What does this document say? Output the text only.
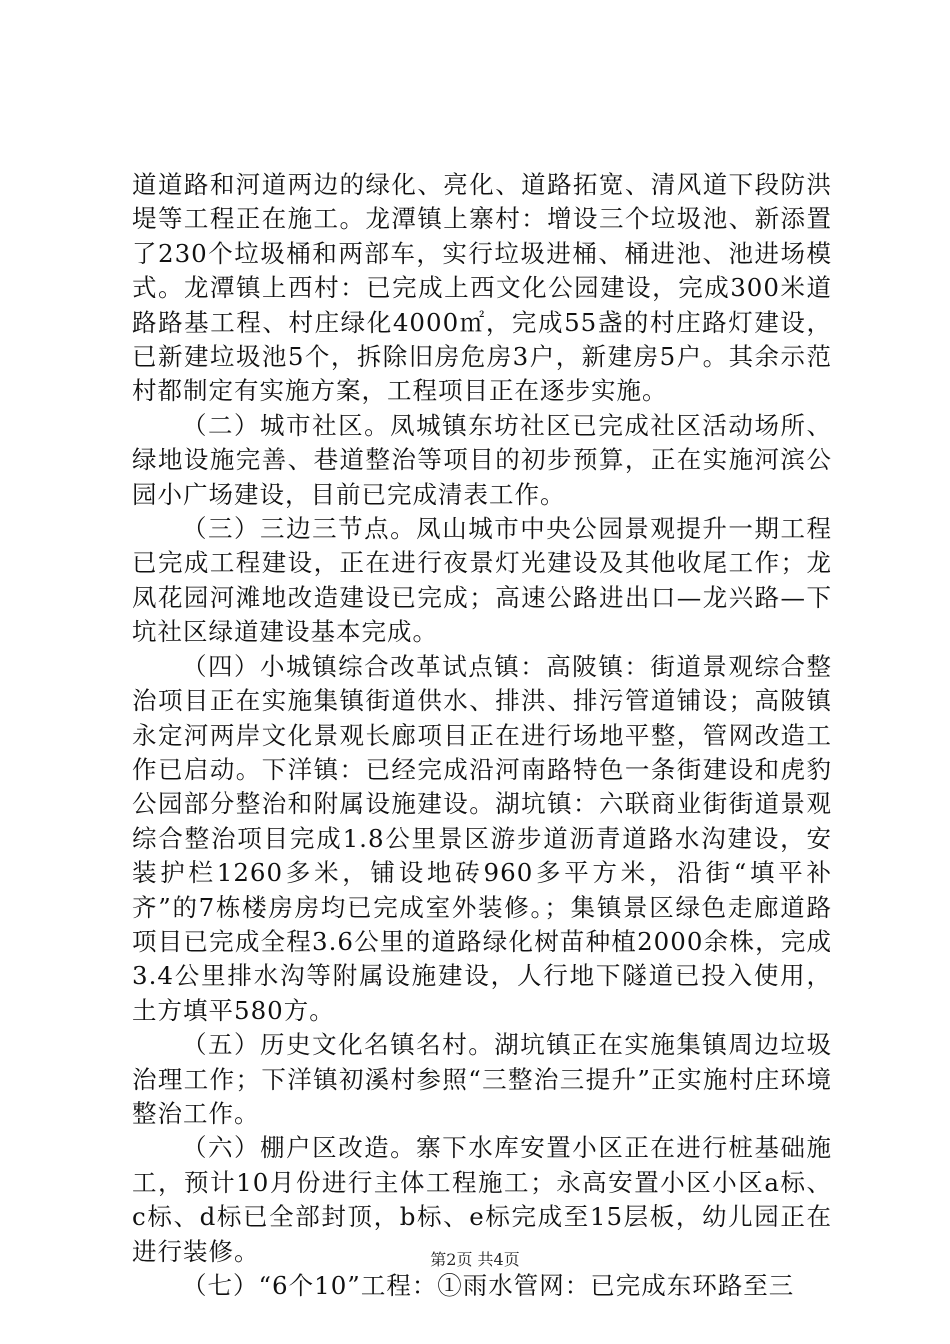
道道路和河道两边的绿化、亮化、道路拓宽、清风道下段防洪堤等工程正在施工。龙潭镇上寨村：增设三个垃圾池、新添置了230个垃圾桶和两部车，实行垃圾进桶、桶进池、池进场模式。龙潭镇上西村：已完成上西文化公园建设，完成300米道路路基工程、村庄绿化4000㎡，完成55盏的村庄路灯建设，已新建垃圾池5个，拆除旧房危房3户，新建房5户。其余示范村都制定有实施方案，工程项目正在逐步实施。

（二）城市社区。凤城镇东坊社区已完成社区活动场所、绿地设施完善、巷道整治等项目的初步预算，正在实施河滨公园小广场建设，目前已完成清表工作。

（三）三边三节点。凤山城市中央公园景观提升一期工程已完成工程建设，正在进行夜景灯光建设及其他收尾工作；龙凤花园河滩地改造建设已完成；高速公路进出口—龙兴路—下坑社区绿道建设基本完成。

（四）小城镇综合改革试点镇：高陂镇：街道景观综合整治项目正在实施集镇街道供水、排洪、排污管道铺设；高陂镇永定河两岸文化景观长廊项目正在进行场地平整，管网改造工作已启动。下洋镇：已经完成沿河南路特色一条街建设和虎豹公园部分整治和附属设施建设。湖坑镇：六联商业街街道景观综合整治项目完成1.8公里景区游步道沥青道路水沟建设，安装护栏1260多米，铺设地砖960多平方米，沿街“填平补齐”的7栋楼房房均已完成室外装修。；集镇景区绿色走廊道路项目已完成全程3.6公里的道路绿化树苗种植2000余株，完成3.4公里排水沟等附属设施建设，人行地下隧道已投入使用，土方填平580方。

（五）历史文化名镇名村。湖坑镇正在实施集镇周边垃圾治理工作；下洋镇初溪村参照“三整治三提升”正实施村庄环境整治工作。

（六）棚户区改造。寨下水库安置小区正在进行桩基础施工，预计10月份进行主体工程施工；永高安置小区小区a标、c标、d标已全部封顶，b标、e标完成至15层板，幼儿园正在进行装修。

（七）“6个10”工程：①雨水管网：已完成东环路至三

第2页 共4页
